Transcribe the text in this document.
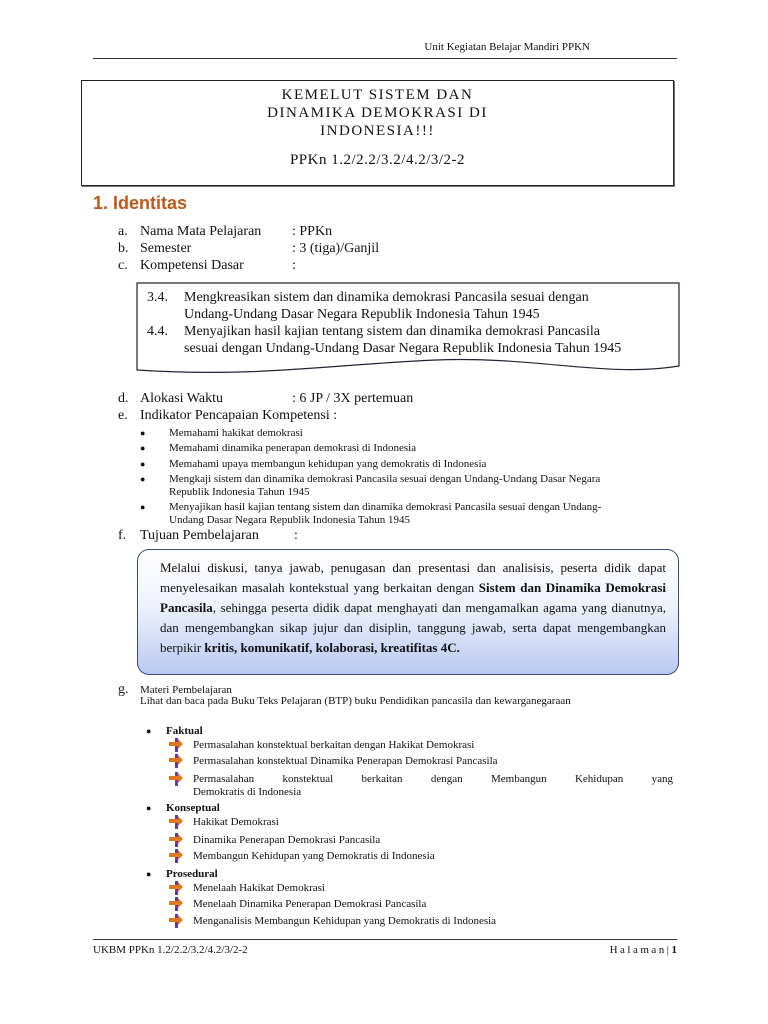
Unit Kegiatan Belajar Mandiri PPKN
KEMELUT SISTEM DAN
DINAMIKA DEMOKRASI DI
INDONESIA!!!
PPKn 1.2/2.2/3.2/4.2/3/2-2
1. Identitas
a. Nama Mata Pelajaran : PPKn
b. Semester	: 3 (tiga)/Ganjil
c. Kompetensi Dasar	:
3.4. Mengkreasikan sistem dan dinamika demokrasi Pancasila sesuai dengan
Undang-Undang Dasar Negara Republik Indonesia Tahun 1945
4.4. Menyajikan hasil kajian tentang sistem dan dinamika demokrasi Pancasila
sesuai dengan Undang-Undang Dasar Negara Republik Indonesia Tahun 1945
d. Alokasi Waktu	: 6 JP / 3X pertemuan
e. Indikator Pencapaian Kompetensi :
● Memahami hakikat demokrasi
● Memahami dinamika penerapan demokrasi di Indonesia
● Memahami upaya membangun kehidupan yang demokratis di Indonesia
● Mengkaji sistem dan dinamika demokrasi Pancasila sesuai dengan Undang-Undang Dasar Negara
Republik Indonesia Tahun 1945
● Menyajikan hasil kajian tentang sistem dan dinamika demokrasi Pancasila sesuai dengan Undang-
Undang Dasar Negara Republik Indonesia Tahun 1945
f. Tujuan Pembelajaran	:
Melalui diskusi, tanya jawab, penugasan dan presentasi dan analisisis, peserta didik dapat menyelesaikan masalah kontekstual yang berkaitan dengan Sistem dan Dinamika Demokrasi Pancasila, sehingga peserta didik dapat menghayati dan mengamalkan agama yang dianutnya, dan mengembangkan sikap jujur dan disiplin, tanggung jawab, serta dapat mengembangkan berpikir kritis, komunikatif, kolaborasi, kreatifitas 4C.
g. Materi Pembelajaran
Lihat dan baca pada Buku Teks Pelajaran (BTP) buku Pendidikan pancasila dan kewarganegaraan
● Faktual
Permasalahan konstektual berkaitan dengan Hakikat Demokrasi
Permasalahan konstektual Dinamika Penerapan Demokrasi Pancasila
Permasalahan konstektual berkaitan dengan Membangun Kehidupan yang
Demokratis di Indonesia
● Konseptual
Hakikat Demokrasi
Dinamika Penerapan Demokrasi Pancasila
Membangun Kehidupan yang Demokratis di Indonesia
● Prosedural
Menelaah Hakikat Demokrasi
Menelaah Dinamika Penerapan Demokrasi Pancasila
Menganalisis Membangun Kehidupan yang Demokratis di Indonesia
UKBM PPKn 1.2/2.2/3.2/4.2/3/2-2	Halaman|1
